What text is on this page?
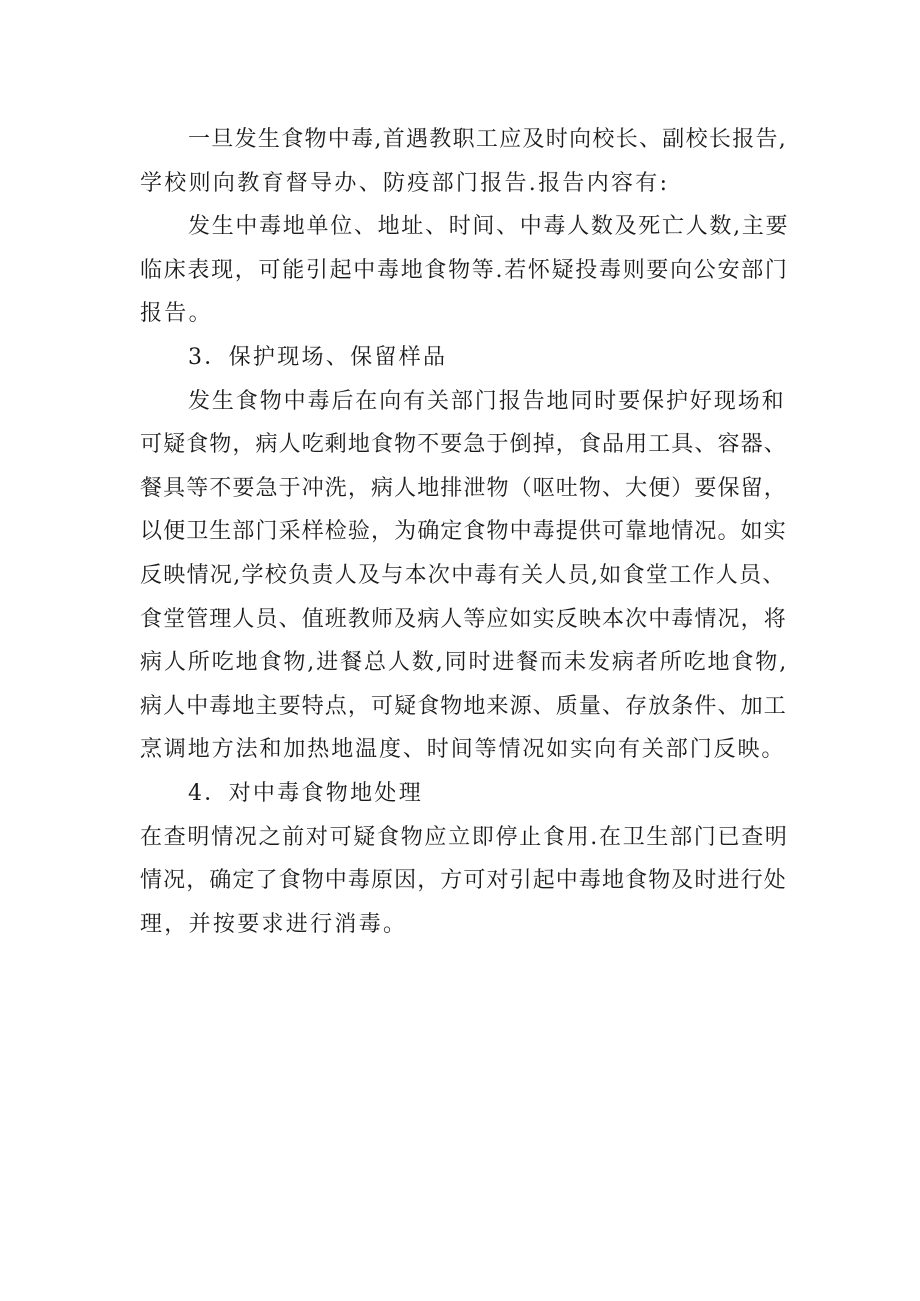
一旦发生食物中毒,首遇教职工应及时向校长、副校长报告,
学校则向教育督导办、防疫部门报告.报告内容有:
发生中毒地单位、地址、时间、中毒人数及死亡人数,主要
临床表现，可能引起中毒地食物等.若怀疑投毒则要向公安部门
报告。
3．保护现场、保留样品
发生食物中毒后在向有关部门报告地同时要保护好现场和
可疑食物，病人吃剩地食物不要急于倒掉，食品用工具、容器、
餐具等不要急于冲洗，病人地排泄物（呕吐物、大便）要保留，
以便卫生部门采样检验，为确定食物中毒提供可靠地情况。如实
反映情况,学校负责人及与本次中毒有关人员,如食堂工作人员、
食堂管理人员、值班教师及病人等应如实反映本次中毒情况，将
病人所吃地食物,进餐总人数,同时进餐而未发病者所吃地食物,
病人中毒地主要特点，可疑食物地来源、质量、存放条件、加工
烹调地方法和加热地温度、时间等情况如实向有关部门反映。
4．对中毒食物地处理
在查明情况之前对可疑食物应立即停止食用.在卫生部门已查明
情况，确定了食物中毒原因，方可对引起中毒地食物及时进行处
理，并按要求进行消毒。
